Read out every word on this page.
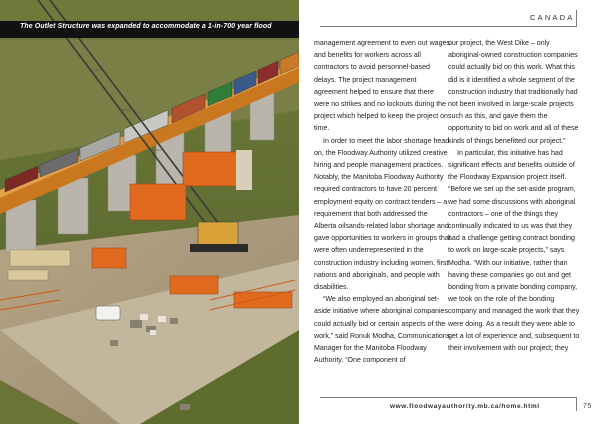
The Outlet Structure was expanded to accommodate a 1-in-700 year flood
CANADA

management agreement to even out wages and benefits for workers across all contractors to avoid personnel-based delays. The project management agreement helped to ensure that there were no strikes and no lockouts during the project which helped to keep the project on time.

In order to meet the labor shortage head on, the Floodway Authority utilized creative hiring and people management practices. Notably, the Manitoba Floodway Authority required contractors to have 20 percent employment equity on contract tenders – a requirement that both addressed the Alberta oilsands-related labor shortage and gave opportunities to workers in groups that were often underrepresented in the construction industry including women, first nations and aboriginals, and people with disabilities.

“We also employed an aboriginal set-aside initiative where aboriginal companies could actually bid or certain aspects of the work,” said Ronuk Modha, Communications Manager for the Manitoba Floodway Authority. “One component of

our project, the West Dike – only aboriginal-owned construction companies could actually bid on this work. What this did is it identified a whole segment of the construction industry that traditionally had not been involved in large-scale projects such as this, and gave them the opportunity to bid on work and all of these kinds of things benefitted our project.”

In particular, this initiative has had significant effects and benefits outside of the Floodway Expansion project itself. “Before we set up the set-aside program, we had some discussions with aboriginal contractors – one of the things they continually indicated to us was that they had a challenge getting contract bonding to work on large-scale projects,” says Modha. “With our initiative, rather than having these companies go out and get bonding from a private bonding company, we took on the role of the bonding company and managed the work that they were doing. As a result they were able to get a lot of experience and, subsequent to their involvement with our project; they

www.floodwayauthority.mb.ca/home.html	75
